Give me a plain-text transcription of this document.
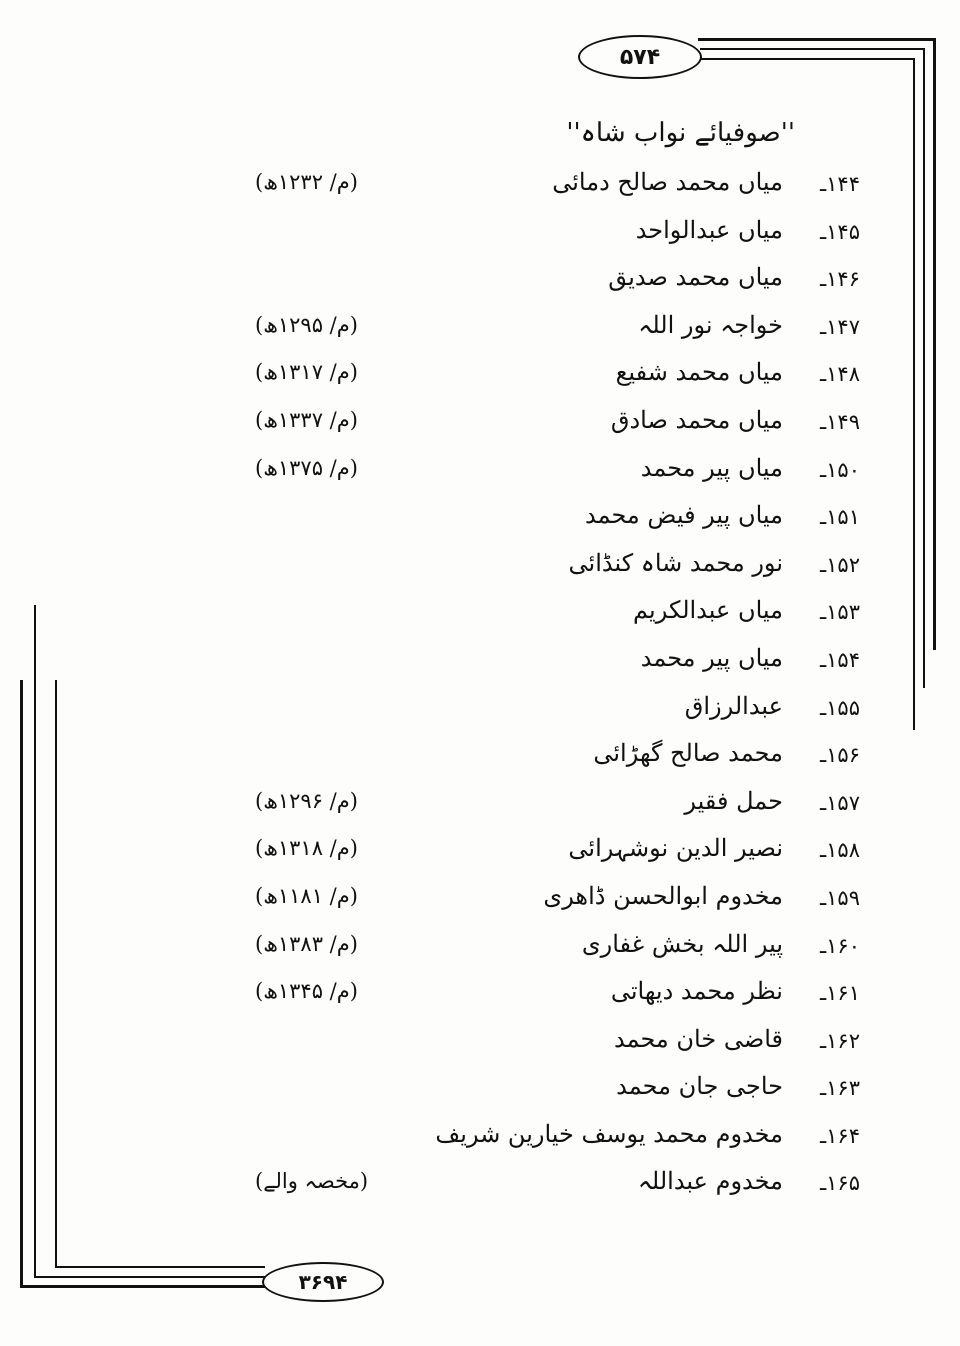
۵۷۴
''صوفیائے نواب شاہ''
۱۴۴ـ
میاں محمد صالح دمائی
(م/ ۱۲۳۲ھ)
۱۴۵ـ
میاں عبدالواحد
۱۴۶ـ
میاں محمد صدیق
۱۴۷ـ
خواجہ نور اللہ
(م/ ۱۲۹۵ھ)
۱۴۸ـ
میاں محمد شفیع
(م/ ۱۳۱۷ھ)
۱۴۹ـ
میاں محمد صادق
(م/ ۱۳۳۷ھ)
۱۵۰ـ
میاں پیر محمد
(م/ ۱۳۷۵ھ)
۱۵۱ـ
میاں پیر فیض محمد
۱۵۲ـ
نور محمد شاہ کنڈائی
۱۵۳ـ
میاں عبدالکریم
۱۵۴ـ
میاں پیر محمد
۱۵۵ـ
عبدالرزاق
۱۵۶ـ
محمد صالح گھڑائی
۱۵۷ـ
حمل فقیر
(م/ ۱۲۹۶ھ)
۱۵۸ـ
نصیر الدین نوشہرائی
(م/ ۱۳۱۸ھ)
۱۵۹ـ
مخدوم ابوالحسن ڈاھری
(م/ ۱۱۸۱ھ)
۱۶۰ـ
پیر اللہ بخش غفاری
(م/ ۱۳۸۳ھ)
۱۶۱ـ
نظر محمد دیھاتی
(م/ ۱۳۴۵ھ)
۱۶۲ـ
قاضی خان محمد
۱۶۳ـ
حاجی جان محمد
۱۶۴ـ
مخدوم محمد یوسف خیارین شریف
۱۶۵ـ
مخدوم عبداللہ
(مخصہ والے)
۳۶۹۴
